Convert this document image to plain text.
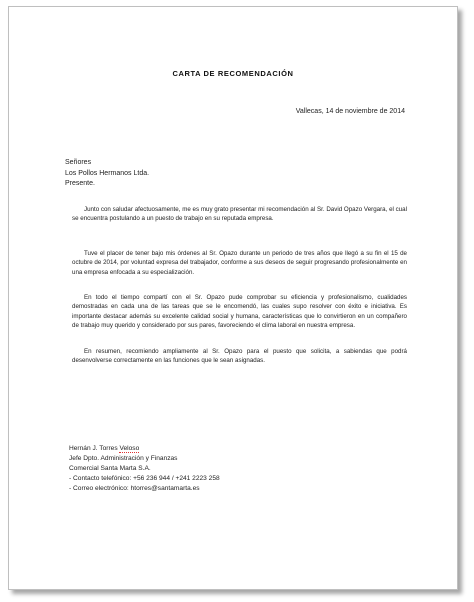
CARTA DE RECOMENDACIÓN
Vallecas, 14 de noviembre de 2014
Señores
Los Pollos Hermanos Ltda.
Presente.

Junto con saludar afectuosamente, me es muy grato presentar mi recomendación al Sr. David Opazo Vergara, el cual se encuentra postulando a un puesto de trabajo en su reputada empresa.

Tuve el placer de tener bajo mis órdenes al Sr. Opazo durante un periodo de tres años que llegó a su fin el 15 de octubre de 2014, por voluntad expresa del trabajador, conforme a sus deseos de seguir progresando profesionalmente en una empresa enfocada a su especialización.

En todo el tiempo compartí con el Sr. Opazo pude comprobar su eficiencia y profesionalismo, cualidades demostradas en cada una de las tareas que se le encomendó, las cuales supo resolver con éxito e iniciativa. Es importante destacar además su excelente calidad social y humana, características que lo convirtieron en un compañero de trabajo muy querido y considerado por sus pares, favoreciendo el clima laboral en nuestra empresa.

En resumen, recomiendo ampliamente al Sr. Opazo para el puesto que solicita, a sabiendas que podrá desenvolverse correctamente en las funciones que le sean asignadas.

Hernán J. Torres Veloso
Jefe Dpto. Administración y Finanzas
Comercial Santa Marta S.A.
- Contacto telefónico: +56 236 944 / +241 2223 258
- Correo electrónico: htorres@santamarta.es
